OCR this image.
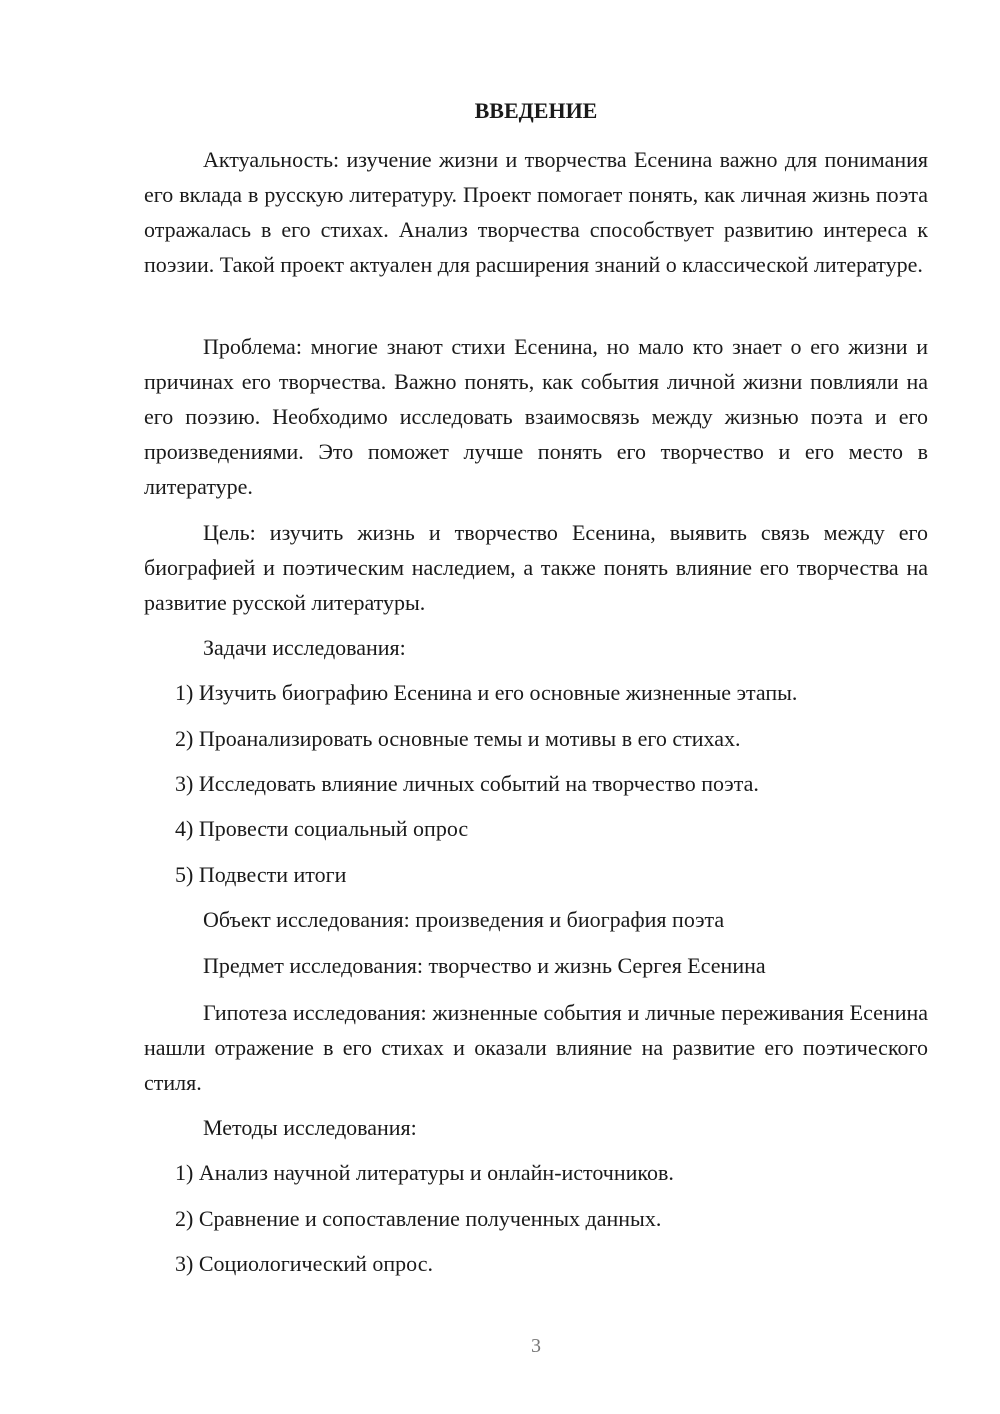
ВВЕДЕНИЕ

Актуальность: изучение жизни и творчества Есенина важно для понимания его вклада в русскую литературу. Проект помогает понять, как личная жизнь поэта отражалась в его стихах. Анализ творчества способствует развитию интереса к поэзии. Такой проект актуален для расширения знаний о классической литературе.

Проблема: многие знают стихи Есенина, но мало кто знает о его жизни и причинах его творчества. Важно понять, как события личной жизни повлияли на его поэзию. Необходимо исследовать взаимосвязь между жизнью поэта и его произведениями. Это поможет лучше понять его творчество и его место в литературе.

Цель: изучить жизнь и творчество Есенина, выявить связь между его биографией и поэтическим наследием, а также понять влияние его творчества на развитие русской литературы.

Задачи исследования:
1) Изучить биографию Есенина и его основные жизненные этапы.
2) Проанализировать основные темы и мотивы в его стихах.
3) Исследовать влияние личных событий на творчество поэта.
4) Провести социальный опрос
5) Подвести итоги
Объект исследования: произведения и биография поэта
Предмет исследования: творчество и жизнь Сергея Есенина

Гипотеза исследования: жизненные события и личные переживания Есенина нашли отражение в его стихах и оказали влияние на развитие его поэтического стиля.

Методы исследования:
1) Анализ научной литературы и онлайн-источников.
2) Сравнение и сопоставление полученных данных.
3) Социологический опрос.
3
